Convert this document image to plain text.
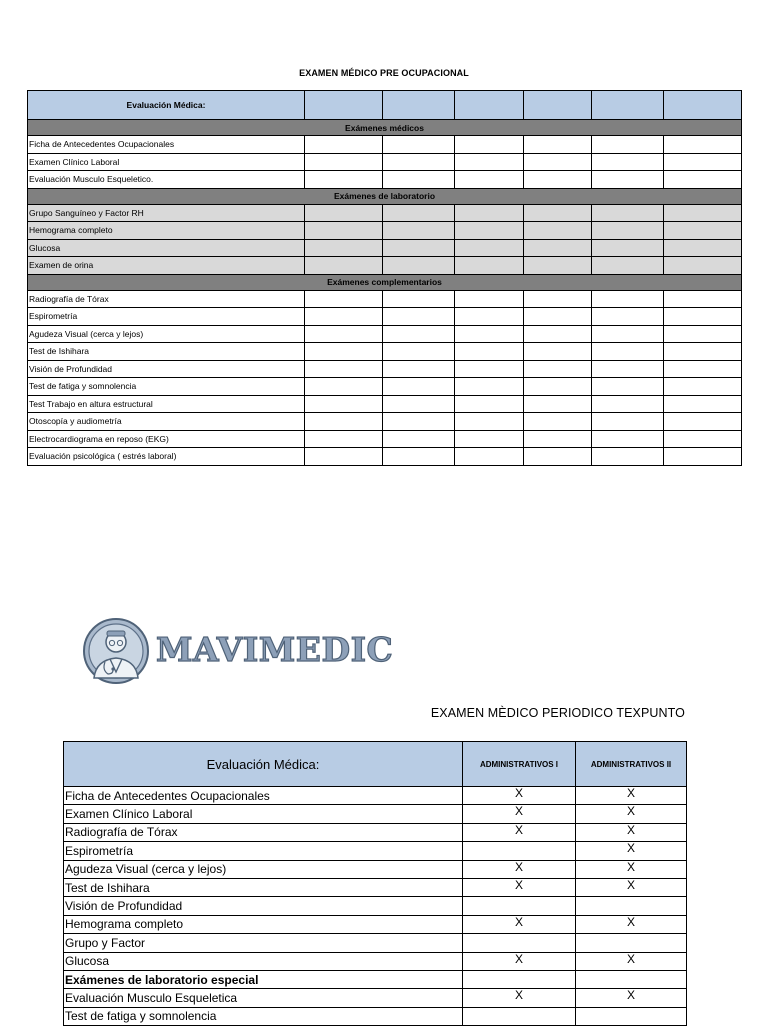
EXAMEN MÉDICO PRE OCUPACIONAL
Evaluación Médica:						
Exámenes médicos						
Ficha de Antecedentes Ocupacionales						
Examen Clínico Laboral						
Evaluación Musculo Esqueletico.						
Exámenes de laboratorio						
Grupo Sanguíneo y Factor RH						
Hemograma completo						
Glucosa						
Examen de orina						
Exámenes complementarios						
Radiografía de Tórax						
Espirometría						
Agudeza Visual (cerca y lejos)						
Test de Ishihara						
Visión de Profundidad						
Test de fatiga y somnolencia						
Test Trabajo en altura estructural						
Otoscopía y audiometría						
Electrocardiograma en reposo (EKG)						
Evaluación psicológica ( estrés laboral)						
MAVIMEDIC
EXAMEN MÈDICO PERIODICO TEXPUNTO
Evaluación Médica:	ADMINISTRATIVOS I	ADMINISTRATIVOS II
Ficha de Antecedentes Ocupacionales	X	X
Examen Clínico Laboral	X	X
Radiografía de Tórax	X	X
Espirometría		X
Agudeza Visual (cerca y lejos)	X	X
Test de Ishihara	X	X
Visión de Profundidad		
Hemograma completo	X	X
Grupo y Factor		
Glucosa	X	X
Exámenes de laboratorio especial		
Evaluación Musculo Esqueletica	X	X
Test de fatiga y somnolencia		
